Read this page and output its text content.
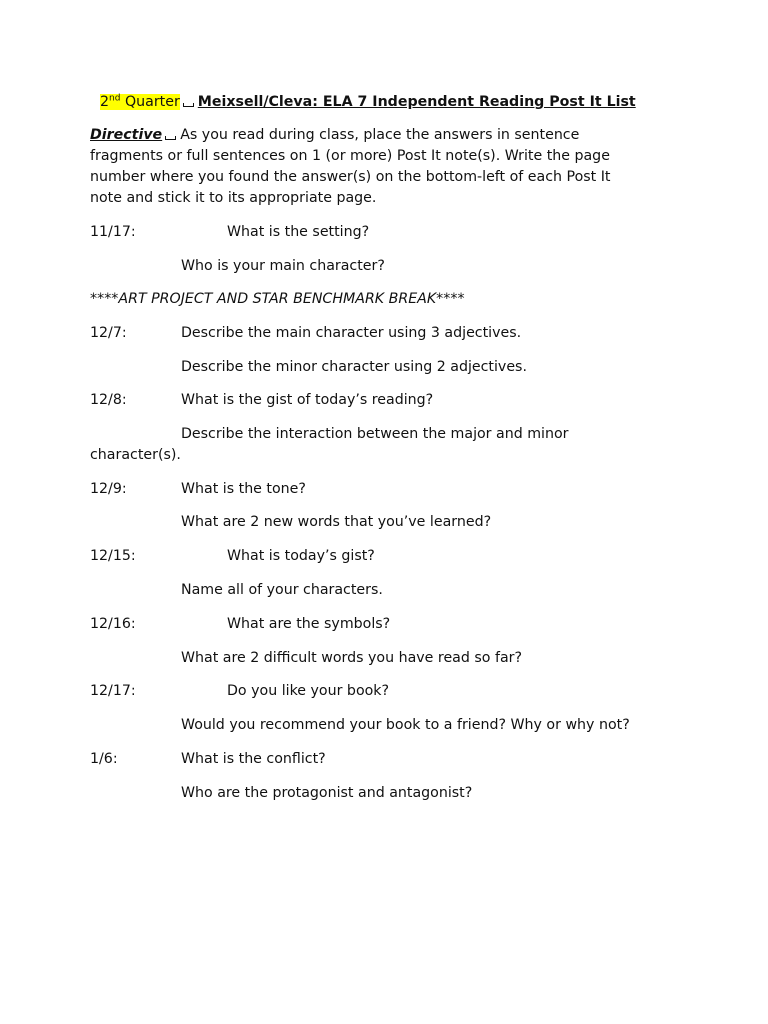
2nd Quarter Meixsell/Cleva: ELA 7 Independent Reading Post It List
Directive As you read during class, place the answers in sentence
fragments or full sentences on 1 (or more) Post It note(s). Write the page
number where you found the answer(s) on the bottom-left of each Post It
note and stick it to its appropriate page.
11/17:	What is the setting?
Who is your main character?
****ART PROJECT AND STAR BENCHMARK BREAK****
12/7:	Describe the main character using 3 adjectives.
Describe the minor character using 2 adjectives.
12/8:	What is the gist of today’s reading?
Describe the interaction between the major and minor
character(s).
12/9:	What is the tone?
What are 2 new words that you’ve learned?
12/15:	What is today’s gist?
Name all of your characters.
12/16:	What are the symbols?
What are 2 difficult words you have read so far?
12/17:	Do you like your book?
Would you recommend your book to a friend? Why or why not?
1/6:	What is the conflict?
Who are the protagonist and antagonist?
